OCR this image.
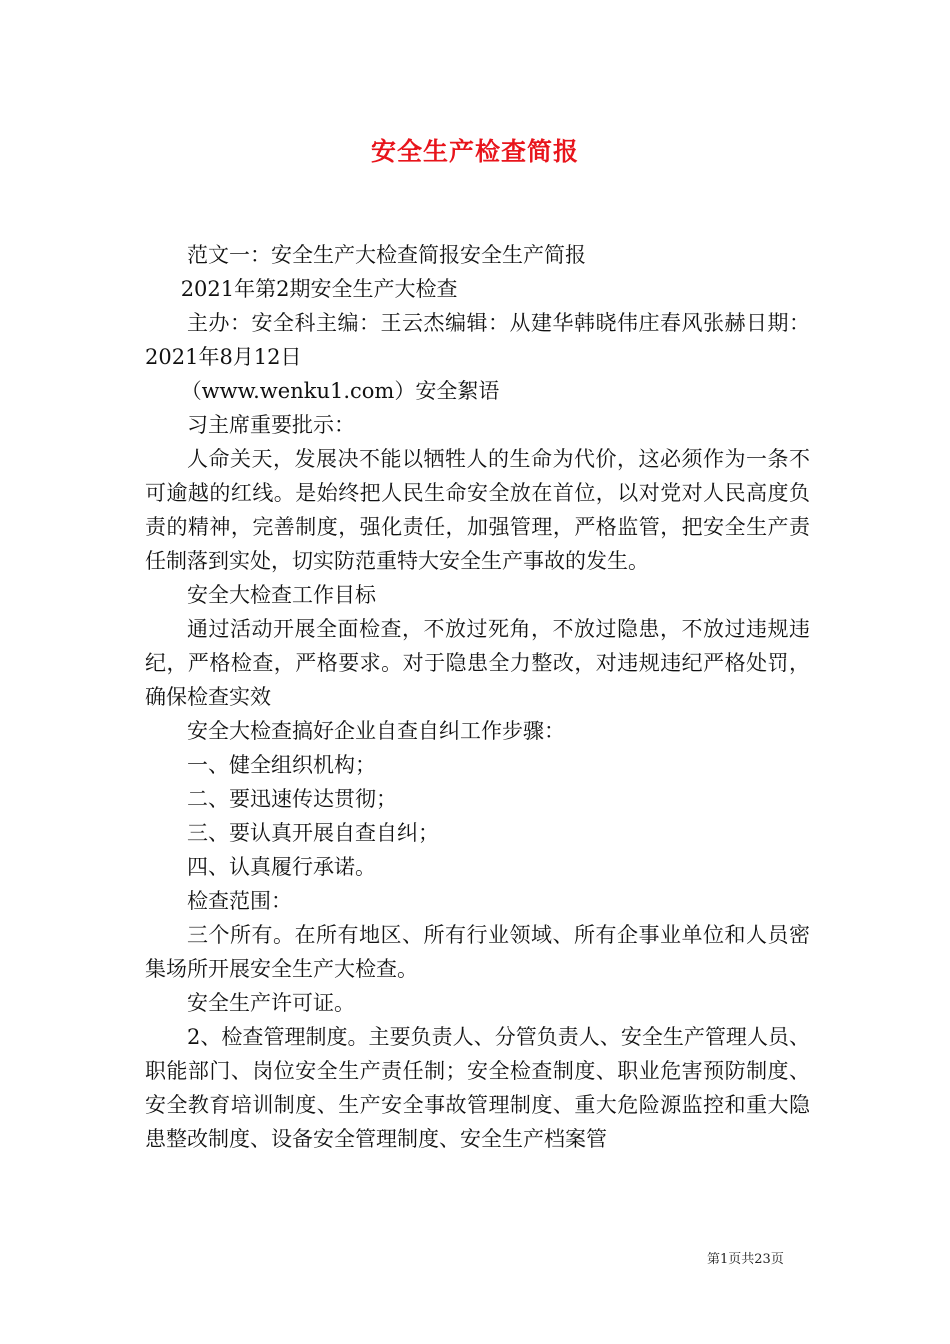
安全生产检查简报

范文一：安全生产大检查简报安全生产简报

2021年第2期安全生产大检查

主办：安全科主编：王云杰编辑：从建华韩晓伟庄春风张赫日期：2021年8月12日

（www.wenku1.com）安全絮语

习主席重要批示：

人命关天，发展决不能以牺牲人的生命为代价，这必须作为一条不可逾越的红线。是始终把人民生命安全放在首位，以对党对人民高度负责的精神，完善制度，强化责任，加强管理，严格监管，把安全生产责任制落到实处，切实防范重特大安全生产事故的发生。

安全大检查工作目标

通过活动开展全面检查，不放过死角，不放过隐患，不放过违规违纪，严格检查，严格要求。对于隐患全力整改，对违规违纪严格处罚，确保检查实效

安全大检查搞好企业自查自纠工作步骤：

一、健全组织机构；

二、要迅速传达贯彻；

三、要认真开展自查自纠；

四、认真履行承诺。

检查范围：

三个所有。在所有地区、所有行业领域、所有企事业单位和人员密集场所开展安全生产大检查。

安全生产许可证。

2、检查管理制度。主要负责人、分管负责人、安全生产管理人员、职能部门、岗位安全生产责任制；安全检查制度、职业危害预防制度、安全教育培训制度、生产安全事故管理制度、重大危险源监控和重大隐患整改制度、设备安全管理制度、安全生产档案管

第1页共23页
